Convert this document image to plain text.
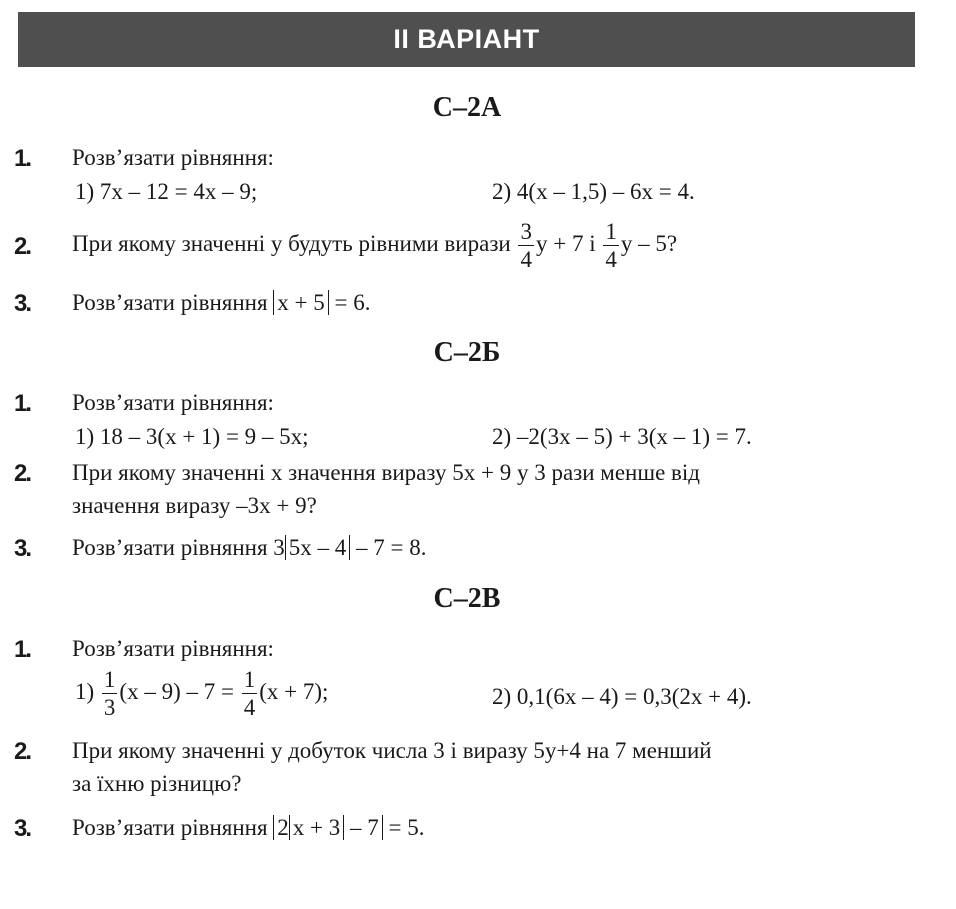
ІІ ВАРІАНТ
С–2А
1. Розв’язати рівняння:
1) 7x – 12 = 4x – 9;	2) 4(x – 1,5) – 6x = 4.
2. При якому значенні y будуть рівними вирази $\frac{3}{4}$ y + 7 і $\frac{1}{4}$ y – 5?
3. Розв’язати рівняння x + 5 = 6.
С–2Б
1. Розв’язати рівняння:
1) 18 – 3(x + 1) = 9 – 5x;	2) –2(3x – 5) + 3(x – 1) = 7.
2. При якому значенні x значення виразу 5x + 9 у 3 рази менше від
значення виразу –3x + 9?
3. Розв’язати рівняння 3 5x – 4 – 7 = 8.
С–2В
1. Розв’язати рівняння:
$1) \frac{1}{3} (x - 9) - 7 = \frac{1}{4} (x + 7)$;	2) 0,1(6x – 4) = 0,3(2x + 4).
2. При якому значенні y добуток числа 3 і виразу 5y+4 на 7 менший
за їхню різницю?
3. Розв’язати рівняння 2 x + 3 – 7 = 5.
